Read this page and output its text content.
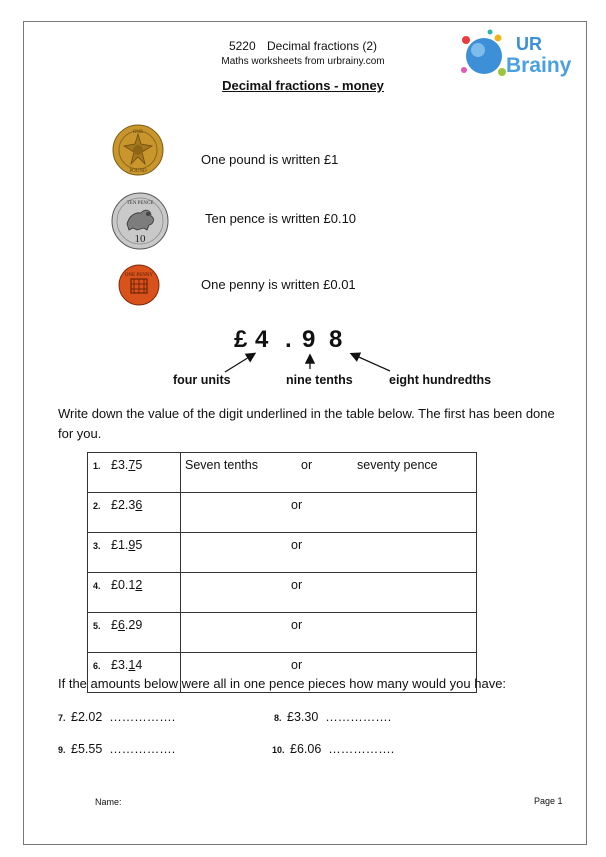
5220 Decimal fractions (2)
Maths worksheets from urbrainy.com
UR
Brainy
Decimal fractions - money
ONE
POUND
One pound is written £1
TEN PENCE
10
Ten pence is written £0.10
ONE PENNY
One penny is written £0.01
£ 4 . 9 8
four units	nine tenths	eight hundredths
Write down the value of the digit underlined in the table below. The first has been done for you.
1. £3.75	Seven tenths or seventy pence

2. £2.36	or

3. £1.95	or

4. £0.12	or

5. £6.29	or

6. £3.14	or
If the amounts below were all in one pence pieces how many would you have:
7. £2.02 …………….	8. £3.30 …………….
9. £5.55 …………….	10. £6.06 …………….
Name:	Page 1
